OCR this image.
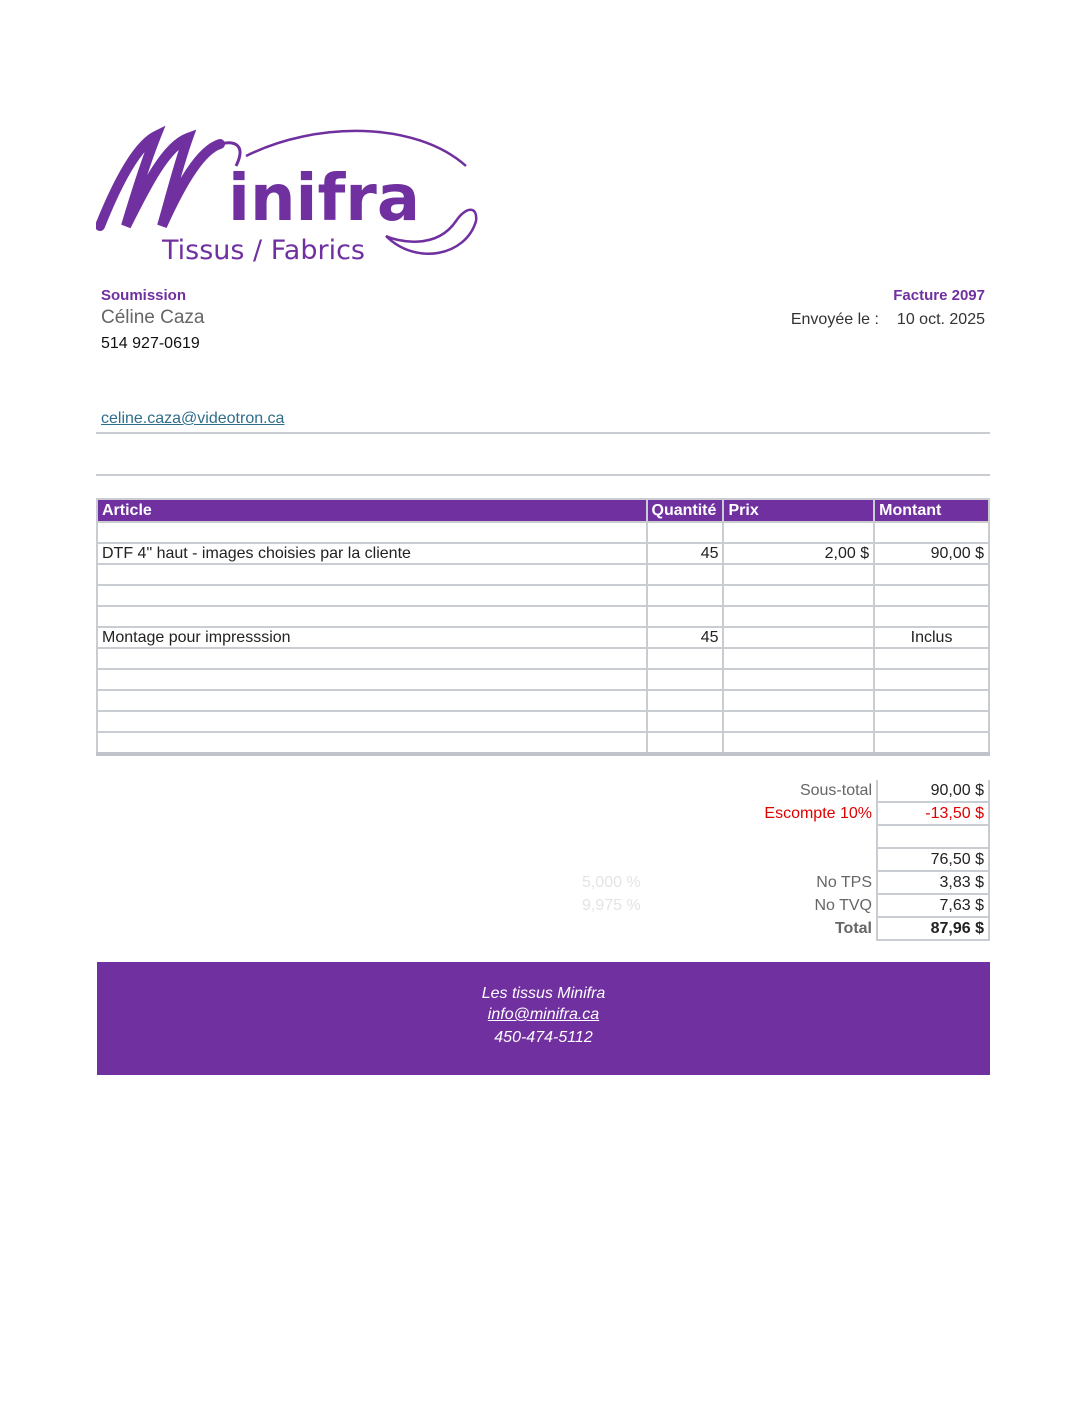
inifra
Tissus / Fabrics
Soumission
Céline Caza
514 927-0619
Facture 2097
Envoyée le : 10 oct. 2025
celine.caza@videotron.ca
Article	Quantité	Prix	Montant

DTF 4" haut - images choisies par la cliente	45	2,00 $	90,00 $

Montage pour impresssion	45		Inclus

Sous-total	90,00 $
Escompte 10%	-13,50 $
76,50 $
5,000 %	No TPS	3,83 $
9,975 %	No TVQ	7,63 $
Total	87,96 $
Les tissus Minifra
info@minifra.ca
450-474-5112
